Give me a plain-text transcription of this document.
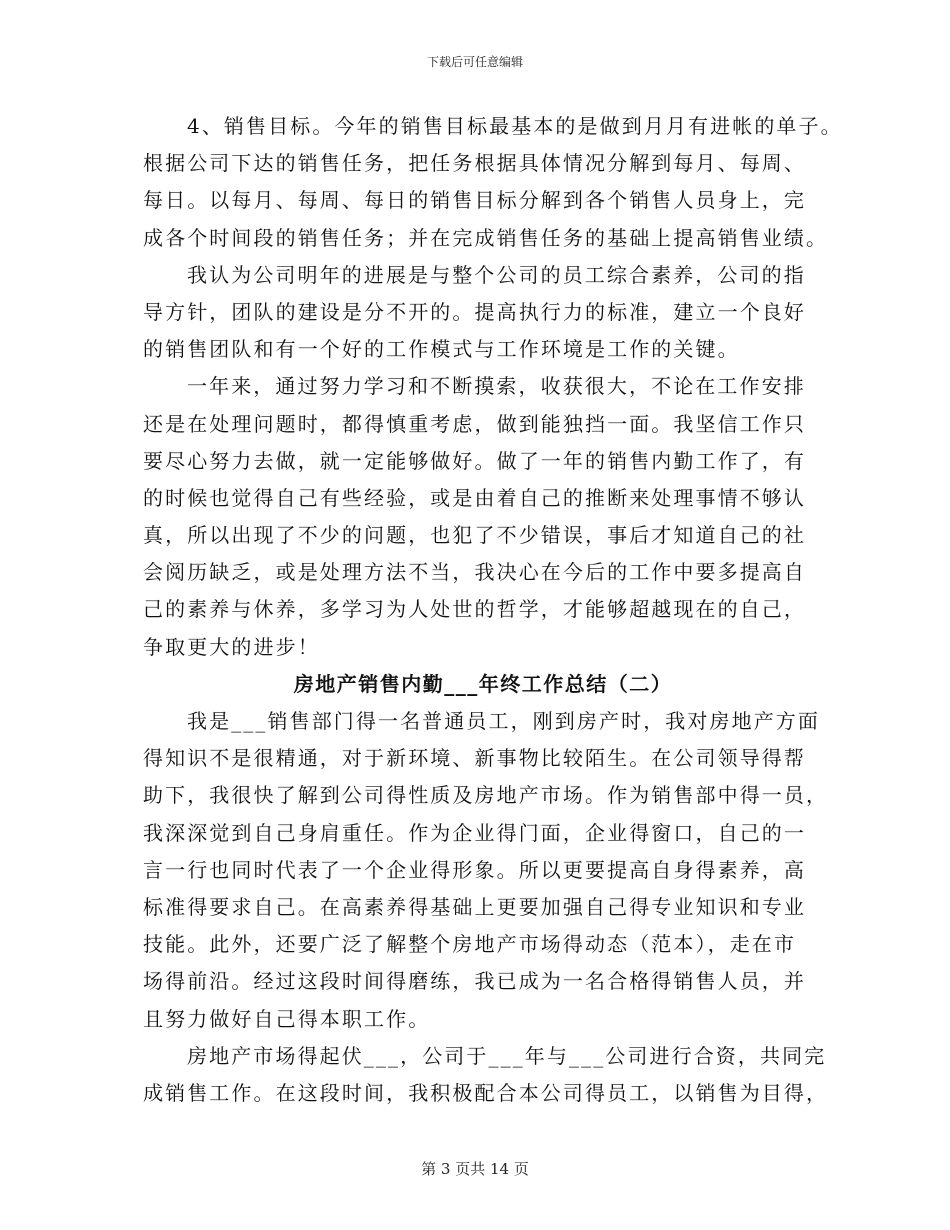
下载后可任意编辑
4、销售目标。今年的销售目标最基本的是做到月月有进帐的单子。
根据公司下达的销售任务，把任务根据具体情况分解到每月、每周、
每日。以每月、每周、每日的销售目标分解到各个销售人员身上，完
成各个时间段的销售任务；并在完成销售任务的基础上提高销售业绩。
我认为公司明年的进展是与整个公司的员工综合素养，公司的指
导方针，团队的建设是分不开的。提高执行力的标准，建立一个良好
的销售团队和有一个好的工作模式与工作环境是工作的关键。
一年来，通过努力学习和不断摸索，收获很大，不论在工作安排
还是在处理问题时，都得慎重考虑，做到能独挡一面。我坚信工作只
要尽心努力去做，就一定能够做好。做了一年的销售内勤工作了，有
的时候也觉得自己有些经验，或是由着自己的推断来处理事情不够认
真，所以出现了不少的问题，也犯了不少错误，事后才知道自己的社
会阅历缺乏，或是处理方法不当，我决心在今后的工作中要多提高自
己的素养与休养，多学习为人处世的哲学，才能够超越现在的自己，
争取更大的进步！
房地产销售内勤___年终工作总结（二）
我是___销售部门得一名普通员工，刚到房产时，我对房地产方面
得知识不是很精通，对于新环境、新事物比较陌生。在公司领导得帮
助下，我很快了解到公司得性质及房地产市场。作为销售部中得一员，
我深深觉到自己身肩重任。作为企业得门面，企业得窗口，自己的一
言一行也同时代表了一个企业得形象。所以更要提高自身得素养，高
标准得要求自己。在高素养得基础上更要加强自己得专业知识和专业
技能。此外，还要广泛了解整个房地产市场得动态（范本），走在市
场得前沿。经过这段时间得磨练，我已成为一名合格得销售人员，并
且努力做好自己得本职工作。
房地产市场得起伏___，公司于___年与___公司进行合资，共同完
成销售工作。在这段时间，我积极配合本公司得员工，以销售为目得，
第 3 页共 14 页
